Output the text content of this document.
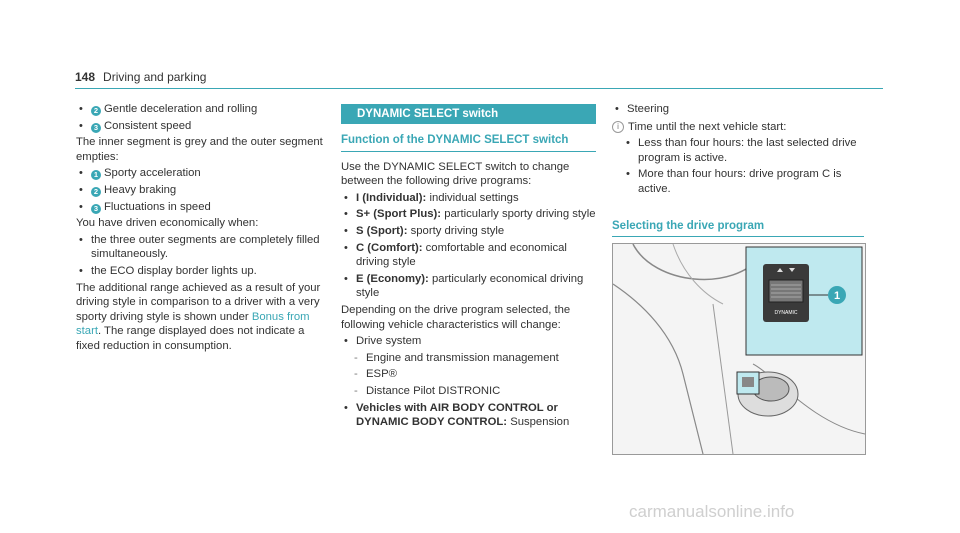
148 Driving and parking
• 2 Gentle deceleration and rolling
• 3 Consistent speed

The inner segment is grey and the outer segment empties:

• 1 Sporty acceleration
• 2 Heavy braking
• 3 Fluctuations in speed

You have driven economically when:

• the three outer segments are completely filled simultaneously.
• the ECO display border lights up.

The additional range achieved as a result of your driving style in comparison to a driver with a very sporty driving style is shown under Bonus from start. The range displayed does not indicate a fixed reduction in consumption.

DYNAMIC SELECT switch
Function of the DYNAMIC SELECT switch

Use the DYNAMIC SELECT switch to change between the following drive programs:

• I (Individual): individual settings
• S+ (Sport Plus): particularly sporty driving style
• S (Sport): sporty driving style
• C (Comfort): comfortable and economical driving style
• E (Economy): particularly economical driving style

Depending on the drive program selected, the following vehicle characteristics will change:

• Drive system
- Engine and transmission management
- ESP®
- Distance Pilot DISTRONIC
• Vehicles with AIR BODY CONTROL or DYNAMIC BODY CONTROL: Suspension
• Steering
i Time until the next vehicle start:
• Less than four hours: the last selected drive program is active.
• More than four hours: drive program C is active.
Selecting the drive program
DYNAMIC
1
carmanualsonline.info
